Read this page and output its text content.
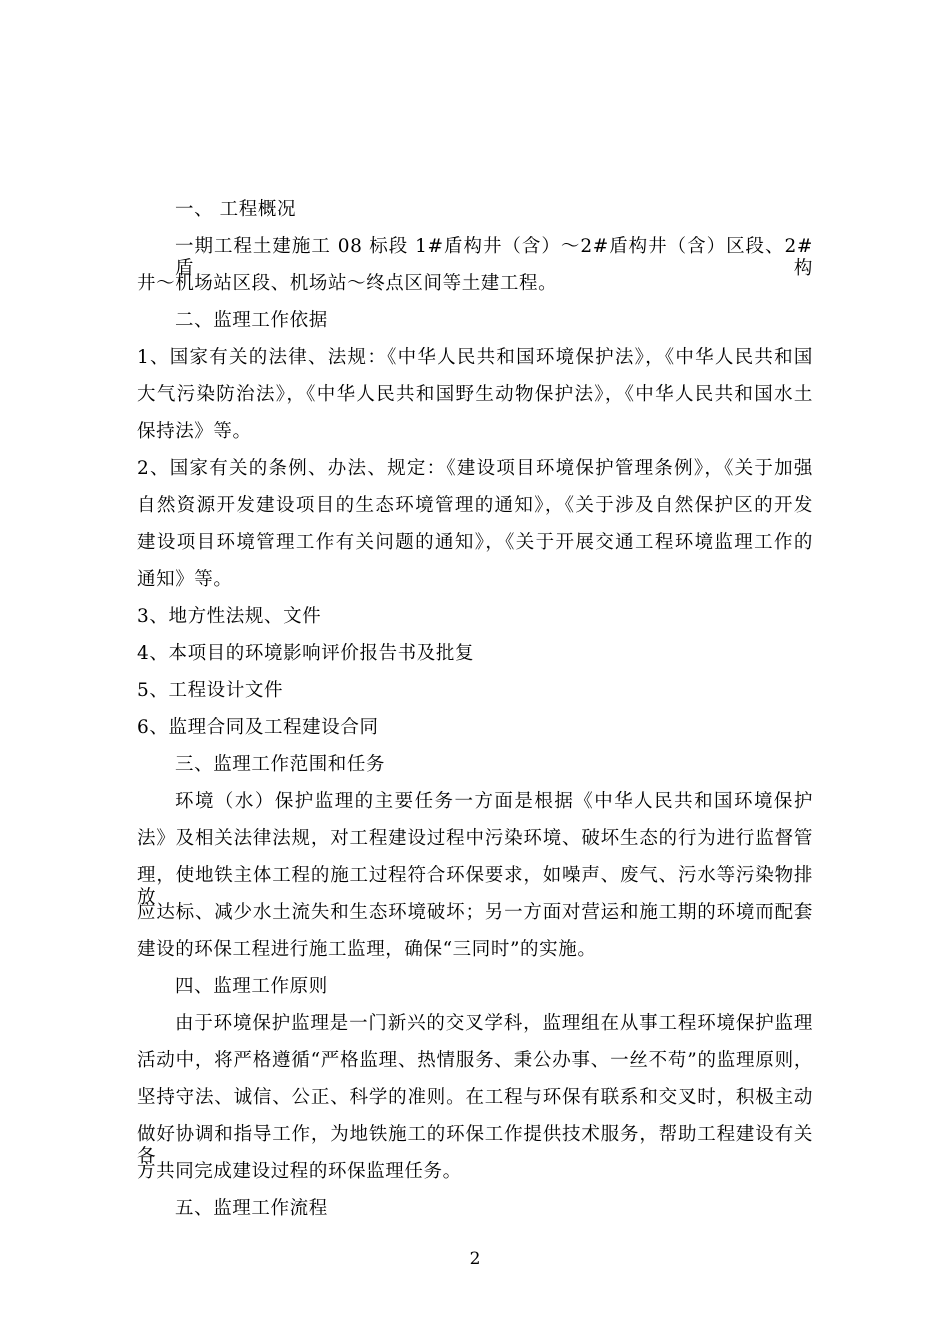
一、 工程概况
一期工程土建施工 08 标段 1#盾构井（含）～2#盾构井（含）区段、2#盾构
井～机场站区段、机场站～终点区间等土建工程。
二、监理工作依据
1、国家有关的法律、法规：《中华人民共和国环境保护法》，《中华人民共和国
大气污染防治法》，《中华人民共和国野生动物保护法》，《中华人民共和国水土
保持法》等。
2、国家有关的条例、办法、规定：《建设项目环境保护管理条例》，《关于加强
自然资源开发建设项目的生态环境管理的通知》，《关于涉及自然保护区的开发
建设项目环境管理工作有关问题的通知》，《关于开展交通工程环境监理工作的
通知》等。
3、地方性法规、文件
4、本项目的环境影响评价报告书及批复
5、工程设计文件
6、监理合同及工程建设合同
三、监理工作范围和任务
环境（水）保护监理的主要任务一方面是根据《中华人民共和国环境保护
法》及相关法律法规，对工程建设过程中污染环境、破坏生态的行为进行监督管
理，使地铁主体工程的施工过程符合环保要求，如噪声、废气、污水等污染物排放
应达标、减少水土流失和生态环境破坏；另一方面对营运和施工期的环境而配套
建设的环保工程进行施工监理，确保“三同时”的实施。
四、监理工作原则
由于环境保护监理是一门新兴的交叉学科，监理组在从事工程环境保护监理
活动中，将严格遵循“严格监理、热情服务、秉公办事、一丝不苟”的监理原则，
坚持守法、诚信、公正、科学的准则。在工程与环保有联系和交叉时，积极主动
做好协调和指导工作，为地铁施工的环保工作提供技术服务，帮助工程建设有关各
方共同完成建设过程的环保监理任务。
五、监理工作流程
2
